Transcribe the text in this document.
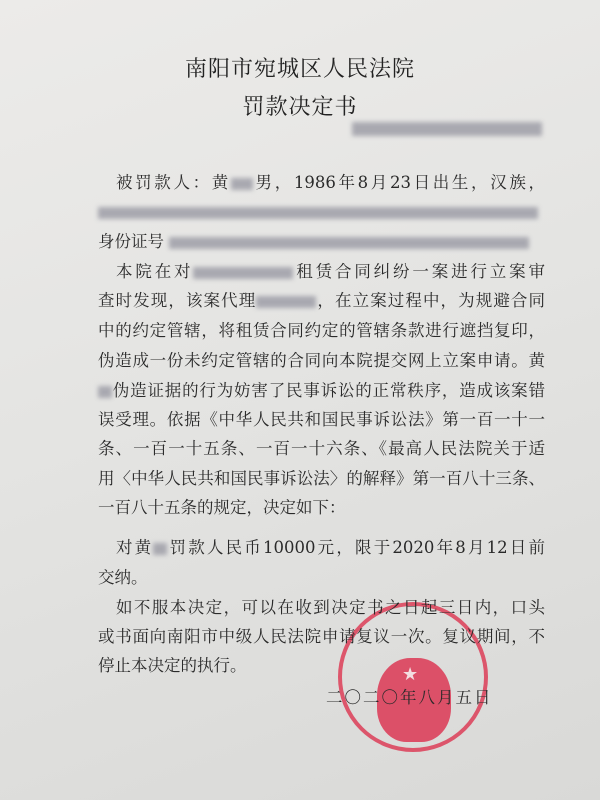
南阳市宛城区人民法院
罚款决定书
被罚款人：黄 男，1986年8月23日出生，汉族，
身份证号
本院在对	租赁合同纠纷一案进行立案审
查时发现，该案代理	，在立案过程中，为规避合同
中的约定管辖，将租赁合同约定的管辖条款进行遮挡复印，
伪造成一份未约定管辖的合同向本院提交网上立案申请。黄
伪造证据的行为妨害了民事诉讼的正常秩序，造成该案错
误受理。依据《中华人民共和国民事诉讼法》第一百一十一
条、一百一十五条、一百一十六条、《最高人民法院关于适
用〈中华人民共和国民事诉讼法〉的解释》第一百八十三条、
一百八十五条的规定，决定如下：
对黄 罚款人民币10000元，限于2020年8月12日前
交纳。
如不服本决定，可以在收到决定书之日起三日内，口头
或书面向南阳市中级人民法院申请复议一次。复议期间，不
停止本决定的执行。	★
二〇二〇年八月五日
